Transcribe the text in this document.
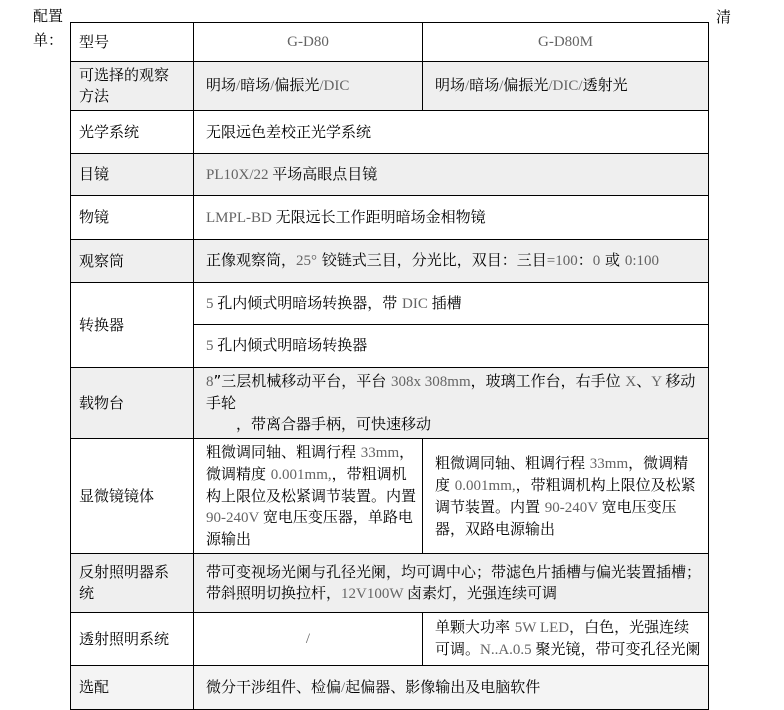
配置
单：
清
型号	G-D80	G-D80M
可选择的观察方法	明场/暗场/偏振光/DIC	明场/暗场/偏振光/DIC/透射光
光学系统	无限远色差校正光学系统	
目镜	PL10X/22 平场高眼点目镜	
物镜	LMPL-BD 无限远长工作距明暗场金相物镜	
观察筒	正像观察筒，25° 铰链式三目，分光比，双目：三目=100：0 或 0:100	
转换器	5 孔内倾式明暗场转换器，带 DIC 插槽	
	5 孔内倾式明暗场转换器	
载物台	8”三层机械移动平台，平台 308x 308mm，玻璃工作台，右手位 X、Y 移动手轮
，带离合器手柄，可快速移动	

显微镜镜体	粗微调同轴、粗调行程 33mm，微调精度 0.001mm,，带粗调机构上限位及松紧调节装置。内置 90-240V 宽电压变压器，单路电源输出	粗微调同轴、粗调行程 33mm，微调精度 0.001mm,，带粗调机构上限位及松紧调节装置。内置 90-240V 宽电压变压器，双路电源输出
反射照明器系统	带可变视场光阑与孔径光阑，均可调中心；带滤色片插槽与偏光装置插槽；带斜照明切换拉杆，12V100W 卤素灯，光强连续可调	
透射照明系统	/	单颗大功率 5W LED，白色，光强连续可调。N..A.0.5 聚光镜，带可变孔径光阑
选配	微分干涉组件、检偏/起偏器、影像输出及电脑软件	
